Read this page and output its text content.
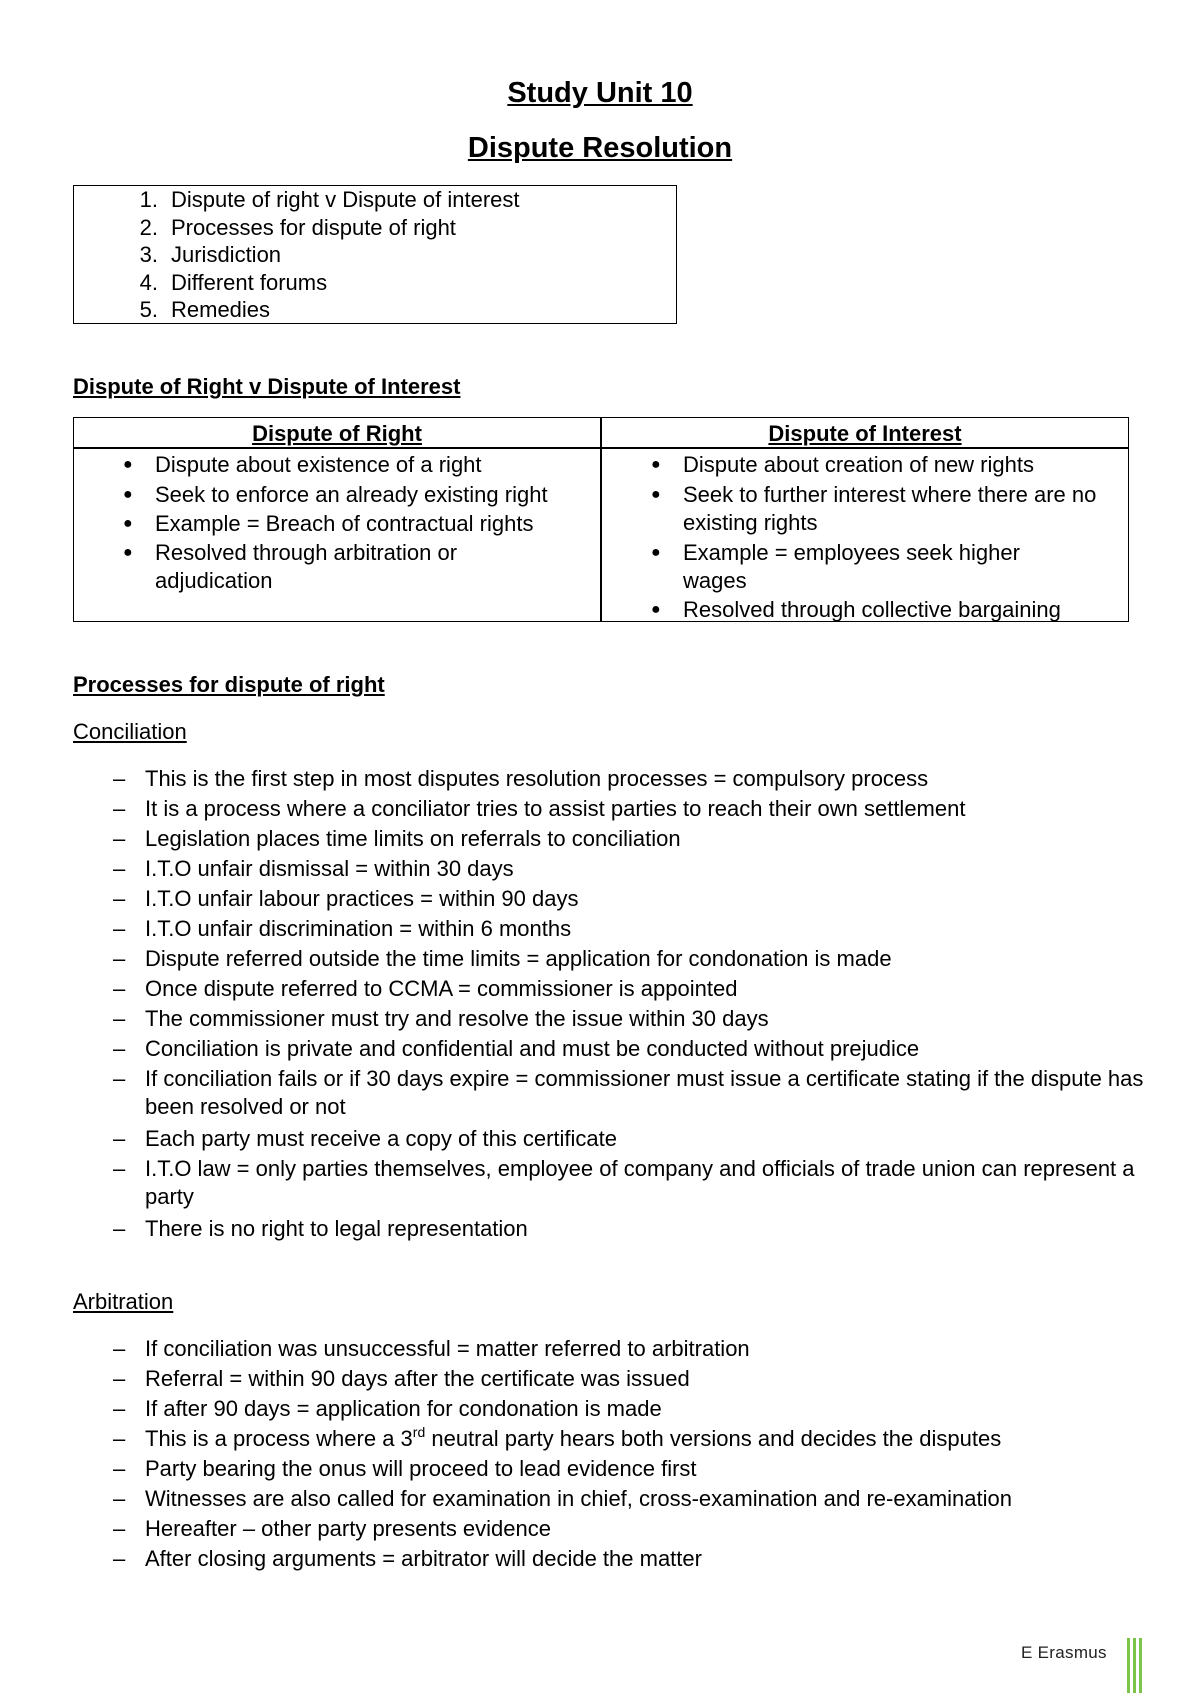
Study Unit 10
Dispute Resolution
1. Dispute of right v Dispute of interest
2. Processes for dispute of right
3. Jurisdiction
4. Different forums
5. Remedies
Dispute of Right v Dispute of Interest
Dispute of Right	Dispute of Interest
● Dispute about existence of a right
● Seek to enforce an already existing right
● Example = Breach of contractual rights
● Resolved through arbitration or adjudication
● Dispute about creation of new rights
● Seek to further interest where there are no existing rights
● Example = employees seek higher wages
● Resolved through collective bargaining
Processes for dispute of right
Conciliation
– This is the first step in most disputes resolution processes = compulsory process
– It is a process where a conciliator tries to assist parties to reach their own settlement
– Legislation places time limits on referrals to conciliation
– I.T.O unfair dismissal = within 30 days
– I.T.O unfair labour practices = within 90 days
– I.T.O unfair discrimination = within 6 months
– Dispute referred outside the time limits = application for condonation is made
– Once dispute referred to CCMA = commissioner is appointed
– The commissioner must try and resolve the issue within 30 days
– Conciliation is private and confidential and must be conducted without prejudice
– If conciliation fails or if 30 days expire = commissioner must issue a certificate stating if the dispute has been resolved or not
– Each party must receive a copy of this certificate
– I.T.O law = only parties themselves, employee of company and officials of trade union can represent a party
– There is no right to legal representation
Arbitration
– If conciliation was unsuccessful = matter referred to arbitration
– Referral = within 90 days after the certificate was issued
– If after 90 days = application for condonation is made
– This is a process where a 3rd neutral party hears both versions and decides the disputes
– Party bearing the onus will proceed to lead evidence first
– Witnesses are also called for examination in chief, cross-examination and re-examination
– Hereafter – other party presents evidence
– After closing arguments = arbitrator will decide the matter
E Erasmus
